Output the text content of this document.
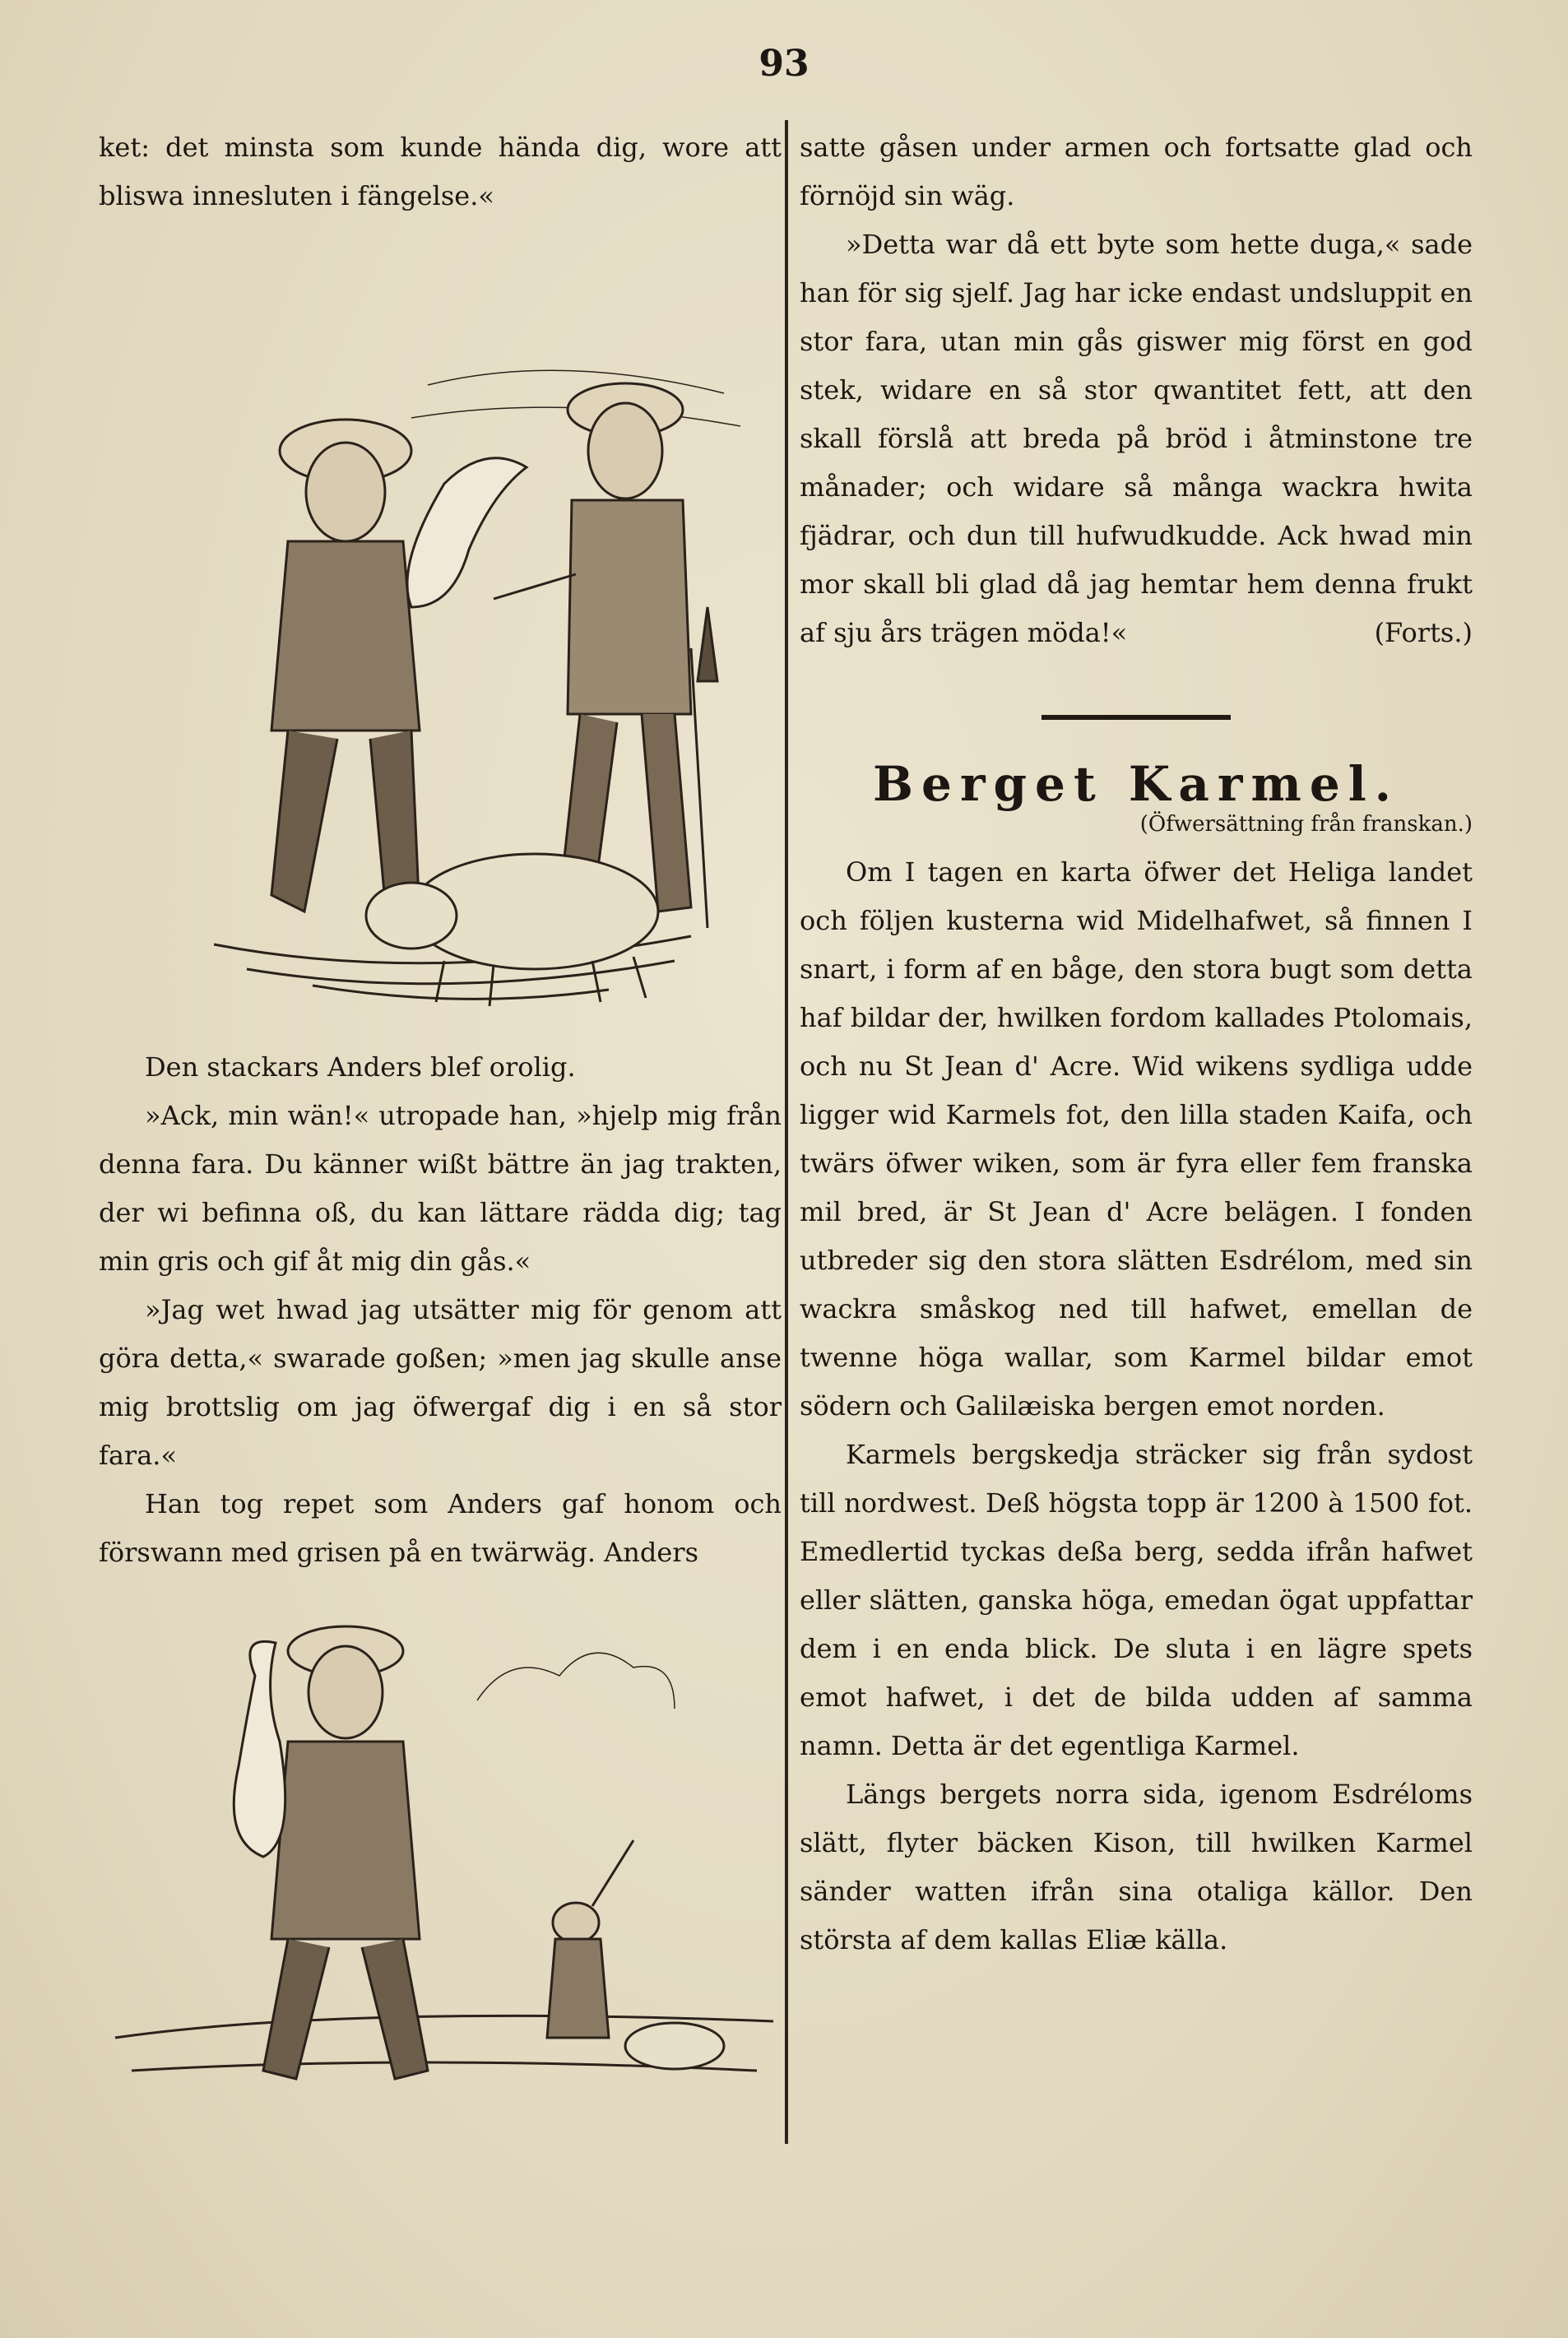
93

ket: det minsta som kunde hända dig, wore att bliswa innesluten i fängelse.«

Den stackars Anders blef orolig.

»Ack, min wän!« utropade han, »hjelp mig från denna fara. Du känner wißt bättre än jag trakten, der wi befinna oß, du kan lättare rädda dig; tag min gris och gif åt mig din gås.«

»Jag wet hwad jag utsätter mig för genom att göra detta,« swarade goßen; »men jag skulle anse mig brottslig om jag öfwergaf dig i en så stor fara.«

Han tog repet som Anders gaf honom och förswann med grisen på en twärwäg. Anders

satte gåsen under armen och fortsatte glad och förnöjd sin wäg.

»Detta war då ett byte som hette duga,« sade han för sig sjelf. Jag har icke endast undsluppit en stor fara, utan min gås giswer mig först en god stek, widare en så stor qwantitet fett, att den skall förslå att breda på bröd i åtminstone tre månader; och widare så många wackra hwita fjädrar, och dun till hufwudkudde. Ack hwad min mor skall bli glad då jag hemtar hem denna frukt af sju års trägen möda!«	(Forts.)

Berget Karmel.

(Öfwersättning från franskan.)

Om I tagen en karta öfwer det Heliga landet och följen kusterna wid Midelhafwet, så finnen I snart, i form af en båge, den stora bugt som detta haf bildar der, hwilken fordom kallades Ptolomais, och nu St Jean d' Acre. Wid wikens sydliga udde ligger wid Karmels fot, den lilla staden Kaifa, och twärs öfwer wiken, som är fyra eller fem franska mil bred, är St Jean d' Acre belägen. I fonden utbreder sig den stora slätten Esdrélom, med sin wackra småskog ned till hafwet, emellan de twenne höga wallar, som Karmel bildar emot södern och Galilæiska bergen emot norden.

Karmels bergskedja sträcker sig från sydost till nordwest. Deß högsta topp är 1200 à 1500 fot. Emedlertid tyckas deßa berg, sedda ifrån hafwet eller slätten, ganska höga, emedan ögat uppfattar dem i en enda blick. De sluta i en lägre spets emot hafwet, i det de bilda udden af samma namn. Detta är det egentliga Karmel.

Längs bergets norra sida, igenom Esdréloms slätt, flyter bäcken Kison, till hwilken Karmel sänder watten ifrån sina otaliga källor. Den största af dem kallas Eliæ källa.
